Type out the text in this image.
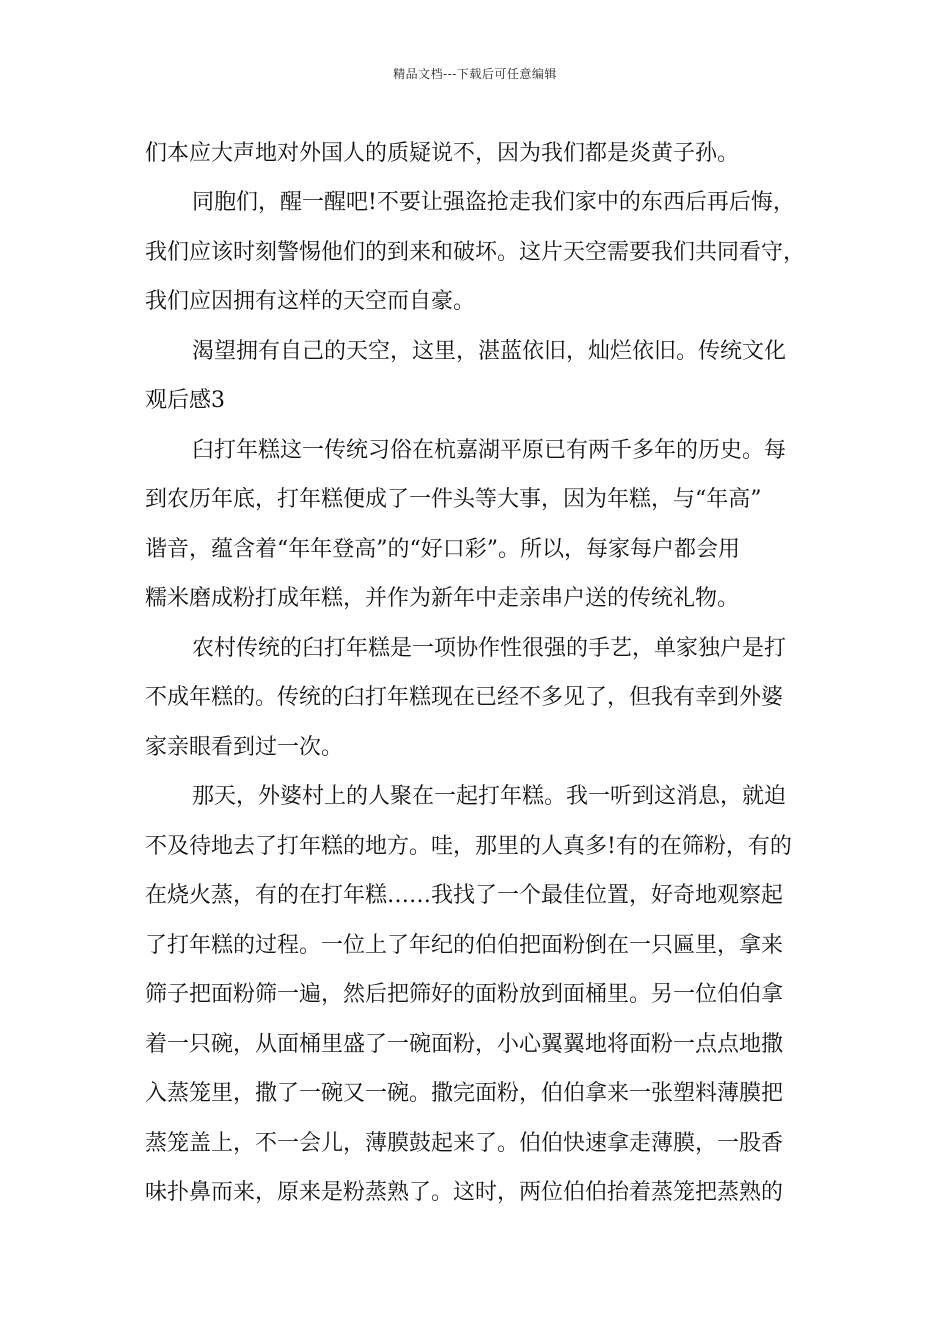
精品文档---下载后可任意编辑
们本应大声地对外国人的质疑说不，因为我们都是炎黄子孙。
同胞们，醒一醒吧!不要让强盗抢走我们家中的东西后再后悔，
我们应该时刻警惕他们的到来和破坏。这片天空需要我们共同看守，
我们应因拥有这样的天空而自豪。
渴望拥有自己的天空，这里，湛蓝依旧，灿烂依旧。传统文化
观后感3
臼打年糕这一传统习俗在杭嘉湖平原已有两千多年的历史。每
到农历年底，打年糕便成了一件头等大事，因为年糕，与“年高”
谐音，蕴含着“年年登高”的“好口彩”。所以，每家每户都会用
糯米磨成粉打成年糕，并作为新年中走亲串户送的传统礼物。
农村传统的臼打年糕是一项协作性很强的手艺，单家独户是打
不成年糕的。传统的臼打年糕现在已经不多见了，但我有幸到外婆
家亲眼看到过一次。
那天，外婆村上的人聚在一起打年糕。我一听到这消息，就迫
不及待地去了打年糕的地方。哇，那里的人真多!有的在筛粉，有的
在烧火蒸，有的在打年糕……我找了一个最佳位置，好奇地观察起
了打年糕的过程。一位上了年纪的伯伯把面粉倒在一只匾里，拿来
筛子把面粉筛一遍，然后把筛好的面粉放到面桶里。另一位伯伯拿
着一只碗，从面桶里盛了一碗面粉，小心翼翼地将面粉一点点地撒
入蒸笼里，撒了一碗又一碗。撒完面粉，伯伯拿来一张塑料薄膜把
蒸笼盖上，不一会儿，薄膜鼓起来了。伯伯快速拿走薄膜，一股香
味扑鼻而来，原来是粉蒸熟了。这时，两位伯伯抬着蒸笼把蒸熟的
